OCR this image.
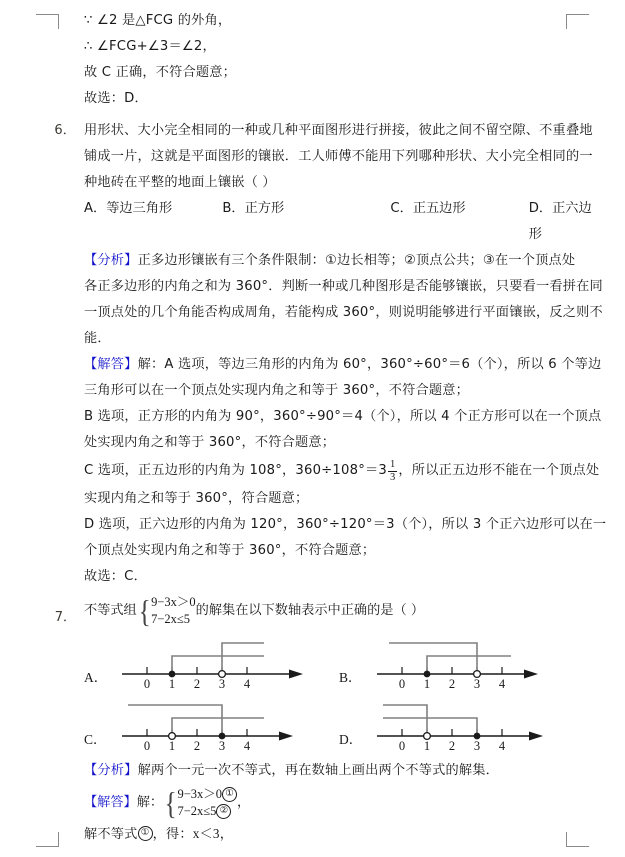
∵ ∠2 是△FCG 的外角，
∴ ∠FCG+∠3＝∠2，
故 C 正确，不符合题意；
故选：D．
6． 用形状、大小完全相同的一种或几种平面图形进行拼接，彼此之间不留空隙、不重叠地
铺成一片，这就是平面图形的镶嵌．工人师傅不能用下列哪种形状、大小完全相同的一
种地砖在平整的地面上镶嵌（ ）
A．等边三角形	B．正方形	C．正五边形	D．正六边形
【分析】正多边形镶嵌有三个条件限制：①边长相等；②顶点公共；③在一个顶点处
各正多边形的内角之和为 360°．判断一种或几种图形是否能够镶嵌，只要看一看拼在同
一顶点处的几个角能否构成周角，若能构成 360°，则说明能够进行平面镶嵌，反之则不
能．
【解答】解：A 选项，等边三角形的内角为 60°，360°÷60°＝6（个），所以 6 个等边
三角形可以在一个顶点处实现内角之和等于 360°，不符合题意；
B 选项，正方形的内角为 90°，360°÷90°＝4（个），所以 4 个正方形可以在一个顶点
处实现内角之和等于 360°，不符合题意；
C 选项，正五边形的内角为 108°，$360\div 108^\circ=3 \frac{1}{3}$ ，所以正五边形不能在一个顶点处
实现内角之和等于 360°，符合题意；
D 选项，正六边形的内角为 120°，360°÷120°＝3（个），所以 3 个正六边形可以在一
个顶点处实现内角之和等于 360°，不符合题意；
故选：C．
7． 不等式组 { 9−3x＞0
7−2x≤5
的解集在以下数轴表示中正确的是（ ）
A．	0 1 2 3 4	B．	0 1 2 3 4
C．	0 1 2 3 4	D．	0 1 2 3 4
【分析】解两个一元一次不等式，再在数轴上画出两个不等式的解集．
【解答】 解： { 9−3x＞0 ①
7−2x≤5 ②
，
解不等式 ① ，得：x＜3，
